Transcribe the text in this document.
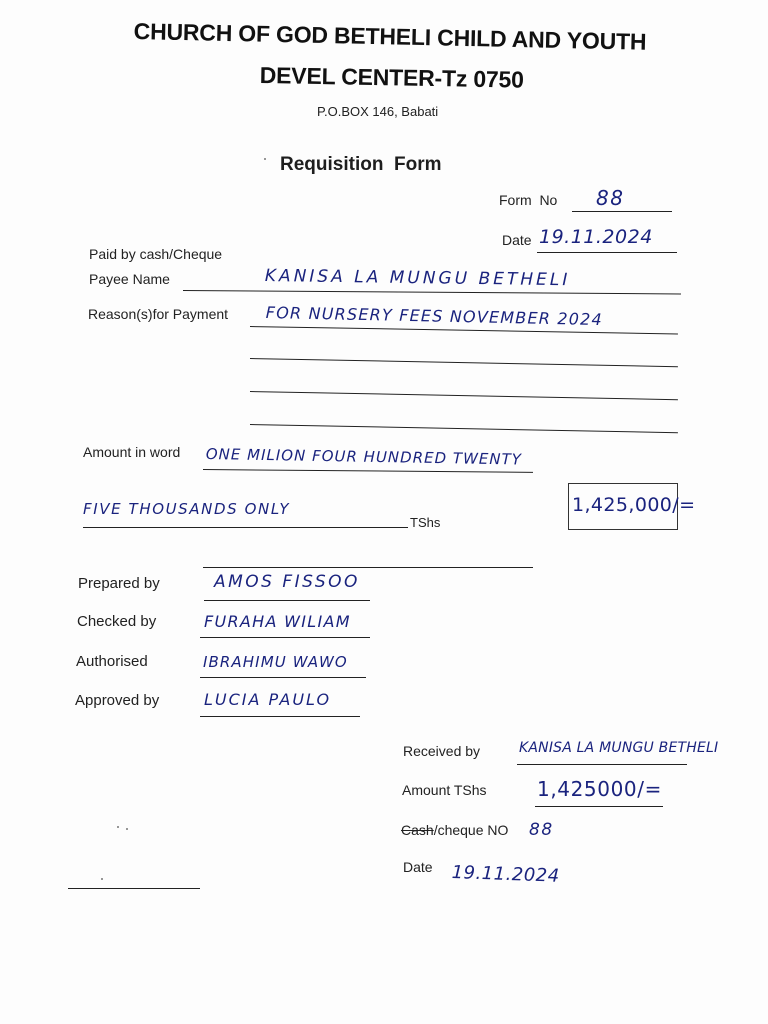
CHURCH OF GOD BETHELI CHILD AND YOUTH
DEVEL CENTER-Tz 0750
P.O.BOX 146, Babati
Requisition  Form
Form  No 88
Date 19.11.2024
Paid by cash/Cheque
Payee Name	KANISA LA MUNGU BETHELI
Reason(s)for Payment FOR NURSERY FEES NOVEMBER 2024
Amount in word ONE MILION FOUR HUNDRED TWENTY
FIVE THOUSANDS ONLY
TShs
1,425,000/=
Prepared by	AMOS FISSOO
Checked by	FURAHA WILIAM
Authorised	IBRAHIMU WAWO
Approved by	LUCIA PAULO
Received by	KANISA LA MUNGU BETHELI
Amount TShs	1,425000/=
Cash/cheque NO 88
Date 19.11.2024
